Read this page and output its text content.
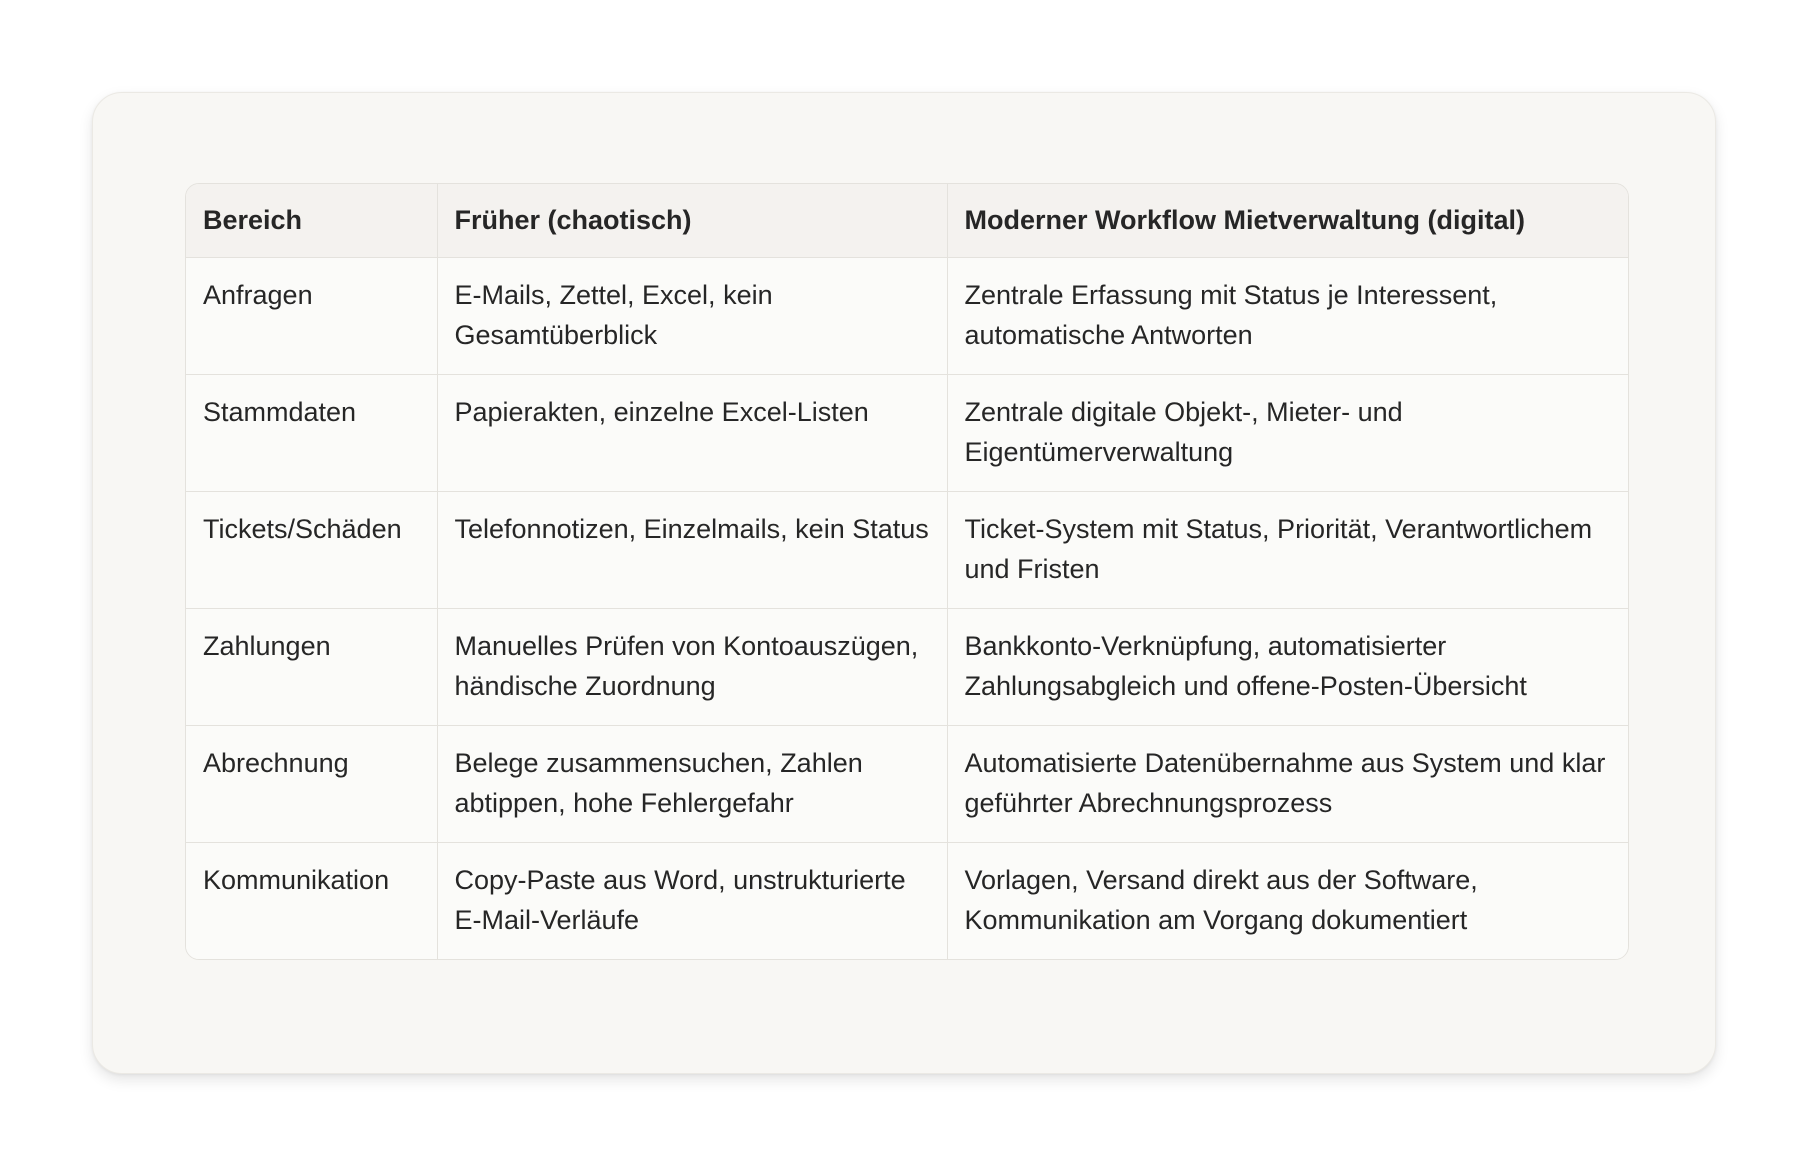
Bereich	Früher (chaotisch)	Moderner Workflow Mietverwaltung (digital)
Anfragen	E-Mails, Zettel, Excel, kein Gesamtüberblick	Zentrale Erfassung mit Status je Interessent, automatische Antworten
Stammdaten	Papierakten, einzelne Excel-Listen	Zentrale digitale Objekt-, Mieter- und Eigentümerverwaltung
Tickets/Schäden	Telefonnotizen, Einzelmails, kein Status	Ticket-System mit Status, Priorität, Verantwortlichem und Fristen
Zahlungen	Manuelles Prüfen von Kontoauszügen, händische Zuordnung	Bankkonto-Verknüpfung, automatisierter Zahlungsabgleich und offene-Posten-Übersicht
Abrechnung	Belege zusammensuchen, Zahlen abtippen, hohe Fehlergefahr	Automatisierte Datenübernahme aus System und klar geführter Abrechnungsprozess
Kommunikation	Copy-Paste aus Word, unstrukturierte E-Mail-Verläufe	Vorlagen, Versand direkt aus der Software, Kommunikation am Vorgang dokumentiert
